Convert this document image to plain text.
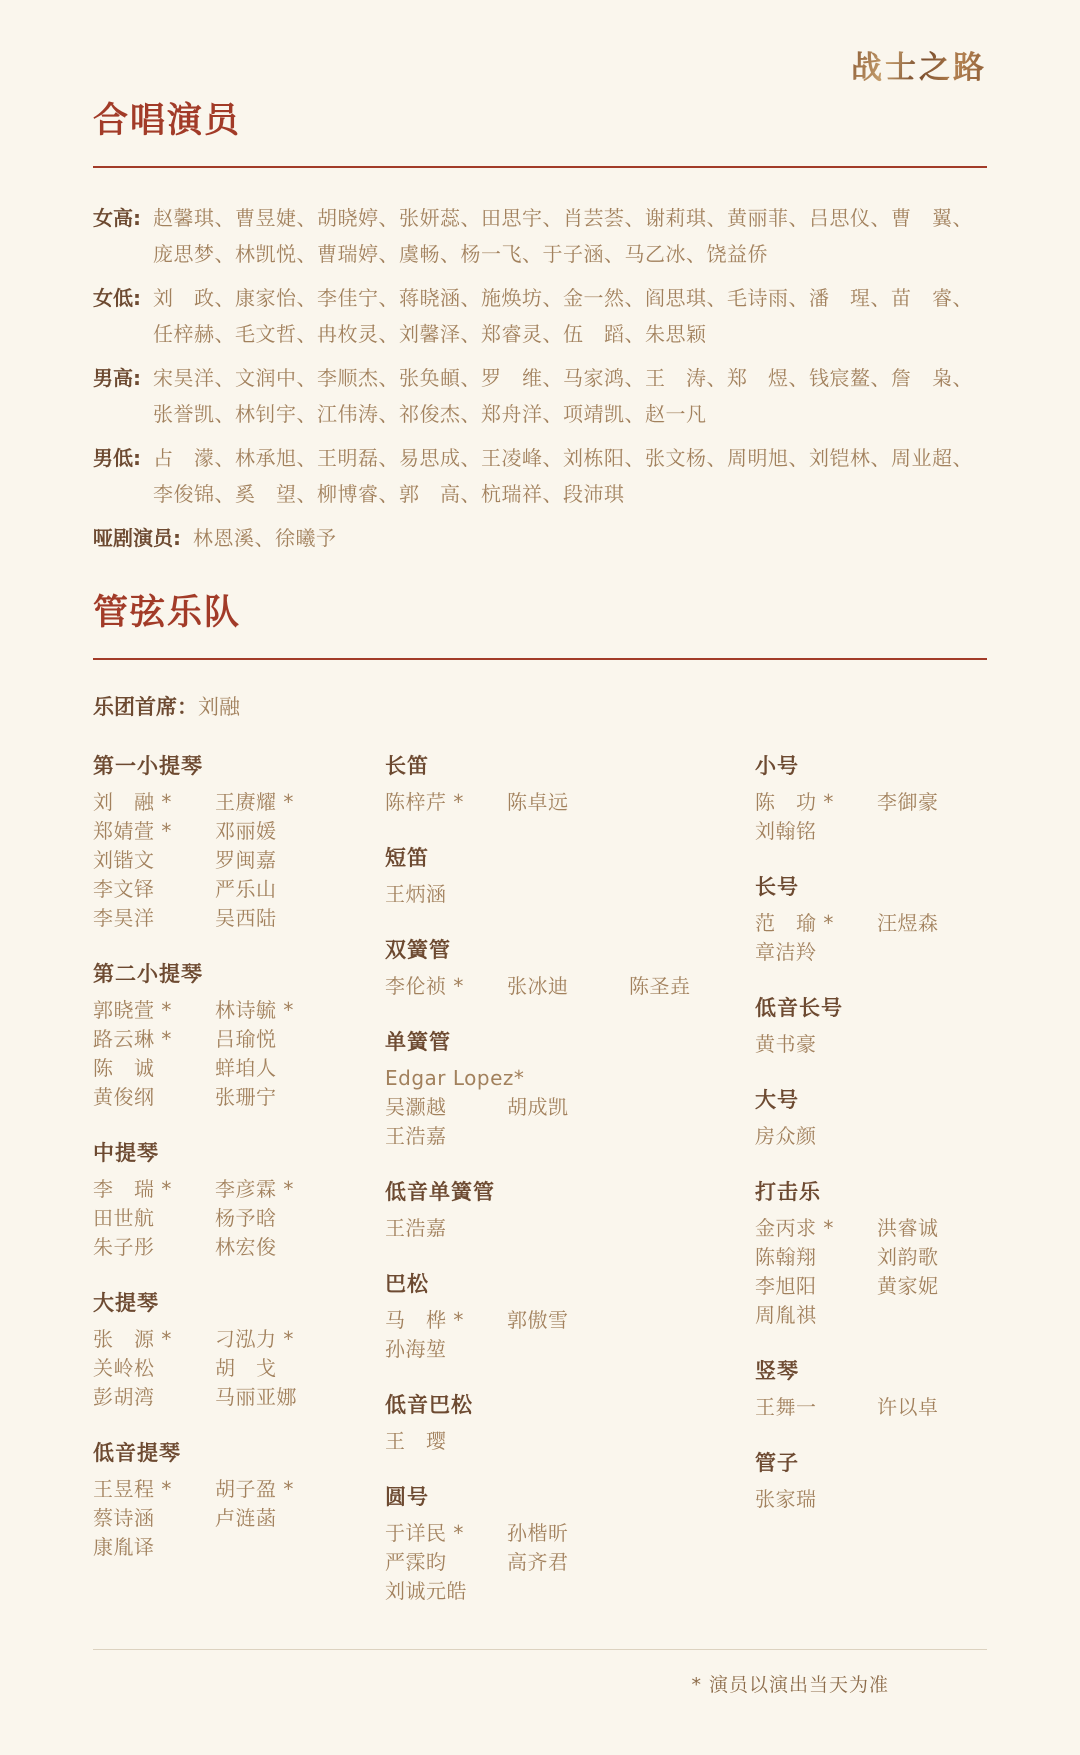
战士之路
合唱演员
女高: 赵馨琪、曹昱婕、胡晓婷、张妍蕊、田思宇、肖芸荟、谢莉琪、黄丽菲、吕思仪、曹　翼、庞思梦、林凯悦、曹瑞婷、虞畅、杨一飞、于子涵、马乙冰、饶益侨
女低: 刘　政、康家怡、李佳宁、蒋晓涵、施焕坊、金一然、阎思琪、毛诗雨、潘　瑆、苗　睿、任梓赫、毛文哲、冉枚灵、刘馨泽、郑睿灵、伍　蹈、朱思颖
男高: 宋昊洋、文润中、李顺杰、张奂頔、罗　维、马家鸿、王　涛、郑　煜、钱宸鳌、詹　枭、张誉凯、林钊宇、江伟涛、祁俊杰、郑舟洋、项靖凯、赵一凡
男低: 占　濛、林承旭、王明磊、易思成、王凌峰、刘栋阳、张文杨、周明旭、刘铠林、周业超、李俊锦、奚　望、柳博睿、郭　高、杭瑞祥、段沛琪
哑剧演员: 林恩溪、徐曦予
管弦乐队

乐团首席：刘融

第一小提琴
刘　融 *	王赓耀 *
郑婧萱 *	邓丽媛
刘锴文	罗闽嘉
李文铎	严乐山
李昊洋	吴西陆
第二小提琴
郭晓萱 *	林诗毓 *
路云琳 *	吕瑜悦
陈　诚	蛘垍人
黄俊纲	张珊宁
中提琴
李　瑞 *	李彦霖 *
田世航	杨予晗
朱子彤	林宏俊
大提琴
张　源 *	刁泓力 *
关岭松	胡　戈
彭胡湾	马丽亚娜
低音提琴
王昱程 *	胡子盈 *
蔡诗涵	卢涟菡
康胤译
长笛
陈梓芹 *	陈卓远
短笛
王炳涵
双簧管
李伦祯 *	张冰迪	陈圣垚
单簧管
Edgar Lopez*
吴灏越	胡成凯
王浩嘉
低音单簧管
王浩嘉
巴松
马　桦 *	郭傲雪
孙海堃
低音巴松
王　璎
圆号
于详民 *	孙楷昕
严霂昀	高齐君
刘诚元皓
小号
陈　功 *	李御豪
刘翰铭
长号
范　瑜 *	汪煜森
章洁羚
低音长号
黄书豪
大号
房众颜
打击乐
金丙求 *	洪睿诚
陈翰翔	刘韵歌
李旭阳	黄家妮
周胤祺
竖琴
王舞一	许以卓
管子
张家瑞

* 演员以演出当天为准
